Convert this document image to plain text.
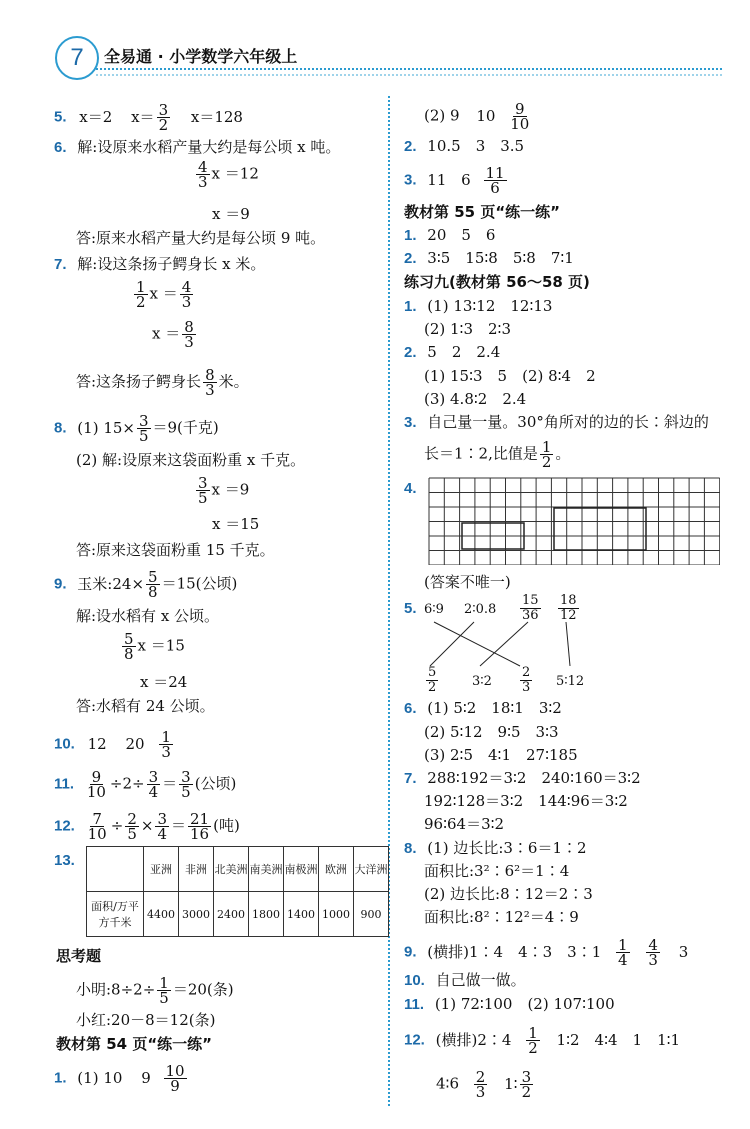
7	全易通 · 小学数学六年级上
5. x＝2 $x= \frac{3}{2} x=128$
6. 解:设原来水稻产量大约是每公顷 x 吨。
$\frac{4}{3}$ x ＝12
x ＝9
答:原来水稻产量大约是每公顷 9 吨。
7. 解:设这条扬子鳄身长 x 米。
$\frac{1}{2}$ $x = \frac{4}{3}$
$x = \frac{8}{3}$
答:这条扬子鳄身长 $\frac{8}{3}$ 米。
8. (1) $15\times \frac{3}{5} =9$(千克)
(2) 解:设原来这袋面粉重 x 千克。
$\frac{3}{5}$ x ＝9
x ＝15
答:原来这袋面粉重 15 千克。
9. 玉米:24× $\frac{5}{8} =15$(公顷)
解:设水稻有 x 公顷。
$\frac{5}{8}$ x ＝15
x ＝24
答:水稻有 24 公顷。
10. 12 $20 \frac{1}{3}$
11. $\frac{9}{10} \div 2\div \frac{3}{4} = \frac{3}{5}$ (公顷)
12. $\frac{7}{10} \div \frac{2}{5} \times \frac{3}{4} = \frac{21}{16}$ (吨)
13.
	亚洲	非洲	北美洲	南美洲	南极洲	欧洲	大洋洲
面积/万平方千米	4400	3000	2400	1800	1400	1000	900
思考题
小明:8÷2÷ $\frac{1}{5} =20$(条)
小红:20－8＝12(条)
教材第 54 页“练一练”
1. (1) 10 $9 \frac{10}{9}$
(2) 9 $10 \frac{9}{10}$
2. 10.5　3　3.5
3. 11 $6 \frac{11}{6}$
教材第 55 页“练一练”
1. 20　5　6
2. 3∶5　15∶8　5∶8　7∶1
练习九(教材第 56～58 页)
1. (1) 13∶12　12∶13
(2) 1∶3　2∶3
2. 5　2　2.4
(1) 15∶3　5　(2) 8∶4　2
(3) 4.8∶2　2.4
3. 自己量一量。30°角所对的边的长∶斜边的
长＝1∶2,比值是 $\frac{1}{2}$ 。
4.
(答案不唯一)
5. 6∶9 2∶0.8 $\frac{15}{36} \frac{18}{12}$
$\frac{5}{2}$	3∶2 $\frac{2}{3}$ 5∶12
6. (1) 5∶2　18∶1　3∶2
(2) 5∶12　9∶5　3∶3
(3) 2∶5　4∶1　27∶185
7. 288∶192＝3∶2　240∶160＝3∶2
192∶128＝3∶2　144∶96＝3∶2
96∶64＝3∶2
8. (1) 边长比:3∶6＝1∶2
面积比:3²∶6²＝1∶4
(2) 边长比:8∶12＝2∶3
面积比:8²∶12²＝4∶9
9. (横排)1∶4　4∶3　3∶1 $\frac{1}{4}$
$\frac{4}{3} 3$
10. 自己做一做。
11. (1) 72∶100　(2) 107∶100
12. (横排)2∶4 $\frac{1}{2}$ 1∶2　4∶4　1　1∶1
4∶6 $\frac{2}{3}$ 1∶ $\frac{3}{2}$
